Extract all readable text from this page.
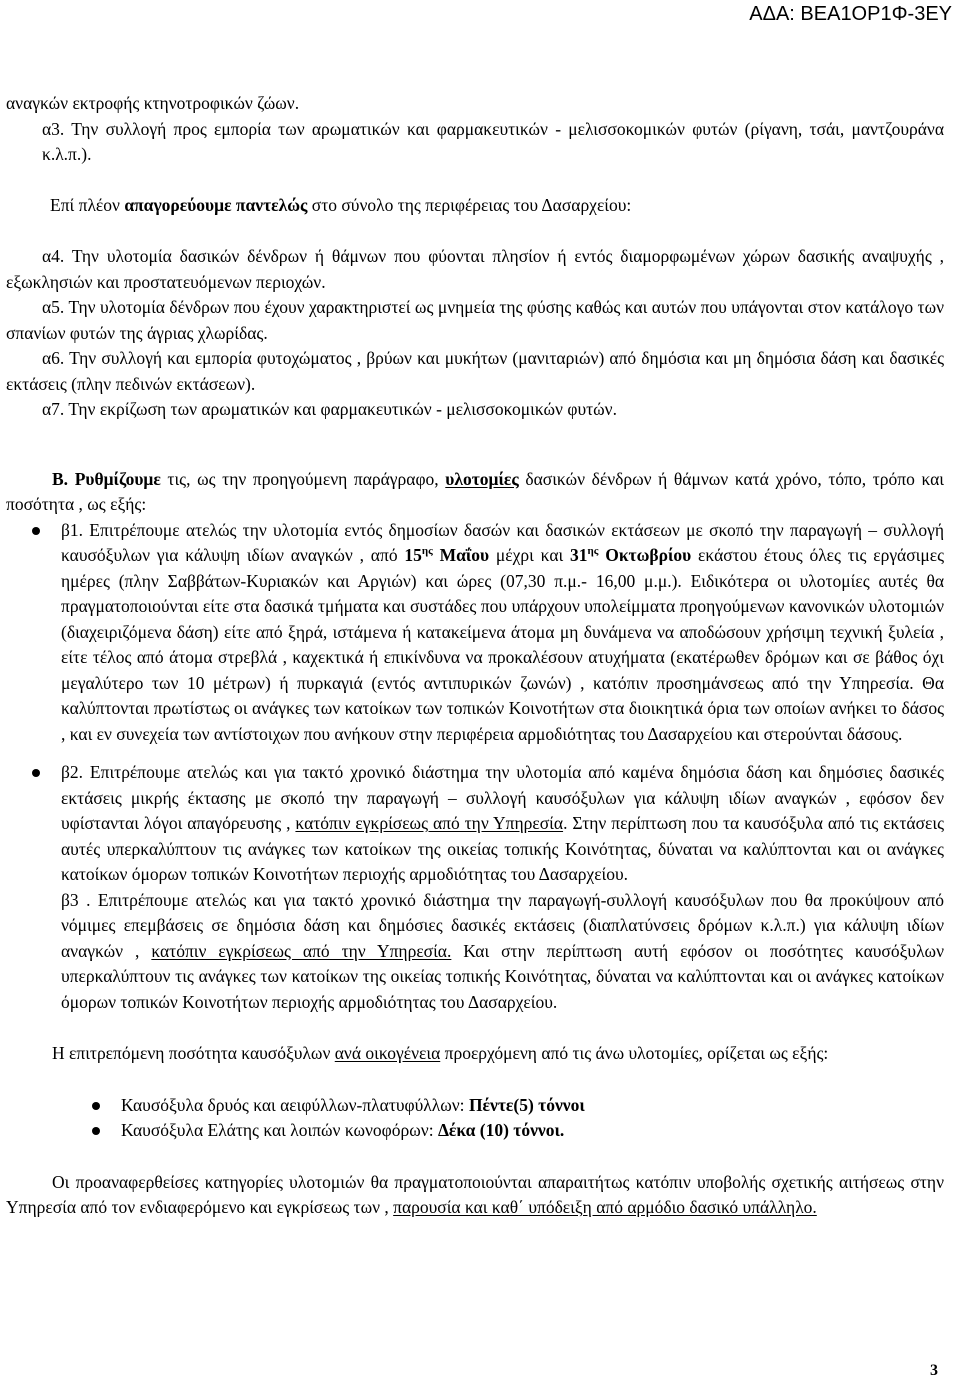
ΑΔΑ: ΒΕΑ1ΟΡ1Φ-3ΕΥ

αναγκών εκτροφής κτηνοτροφικών ζώων.

α3. Την συλλογή προς εμπορία των αρωματικών και φαρμακευτικών - μελισσοκομικών φυτών (ρίγανη, τσάι, μαντζουράνα κ.λ.π.).

Επί πλέον απαγορεύουμε παντελώς στο σύνολο της περιφέρειας του Δασαρχείου:

α4. Την υλοτομία δασικών δένδρων ή θάμνων που φύονται πλησίον ή εντός διαμορφωμένων χώρων δασικής αναψυχής , εξωκλησιών και προστατευόμενων περιοχών.

α5. Την υλοτομία δένδρων που έχουν χαρακτηριστεί ως μνημεία της φύσης καθώς και αυτών που υπάγονται στον κατάλογο των σπανίων φυτών της άγριας χλωρίδας.

α6. Την συλλογή και εμπορία φυτοχώματος , βρύων και μυκήτων (μανιταριών) από δημόσια και μη δημόσια δάση και δασικές εκτάσεις (πλην πεδινών εκτάσεων).

α7. Την εκρίζωση των αρωματικών και φαρμακευτικών - μελισσοκομικών φυτών.

Β. Ρυθμίζουμε τις, ως την προηγούμενη παράγραφο, υλοτομίες δασικών δένδρων ή θάμνων κατά χρόνο, τόπο, τρόπο και ποσότητα , ως εξής:

β1. Επιτρέπουμε ατελώς την υλοτομία εντός δημοσίων δασών και δασικών εκτάσεων με σκοπό την παραγωγή – συλλογή καυσόξυλων για κάλυψη ιδίων αναγκών , από $15^{\eta\varsigma}$ Μαΐου μέχρι και $31^{\eta\varsigma}$ Οκτωβρίου εκάστου έτους όλες τις εργάσιμες ημέρες (πλην Σαββάτων-Κυριακών και Αργιών) και ώρες (07,30 π.μ.- 16,00 μ.μ.). Ειδικότερα οι υλοτομίες αυτές θα πραγματοποιούνται είτε στα δασικά τμήματα και συστάδες που υπάρχουν υπολείμματα προηγούμενων κανονικών υλοτομιών (διαχειριζόμενα δάση) είτε από ξηρά, ιστάμενα ή κατακείμενα άτομα μη δυνάμενα να αποδώσουν χρήσιμη τεχνική ξυλεία , είτε τέλος από άτομα στρεβλά , καχεκτικά ή επικίνδυνα να προκαλέσουν ατυχήματα (εκατέρωθεν δρόμων και σε βάθος όχι μεγαλύτερο των 10 μέτρων) ή πυρκαγιά (εντός αντιπυρικών ζωνών) , κατόπιν προσημάνσεως από την Υπηρεσία. Θα καλύπτονται πρωτίστως οι ανάγκες των κατοίκων των τοπικών Κοινοτήτων στα διοικητικά όρια των οποίων ανήκει το δάσος , και εν συνεχεία των αντίστοιχων που ανήκουν στην περιφέρεια αρμοδιότητας του Δασαρχείου και στερούνται δάσους.
β2. Επιτρέπουμε ατελώς και για τακτό χρονικό διάστημα την υλοτομία από καμένα δημόσια δάση και δημόσιες δασικές εκτάσεις μικρής έκτασης με σκοπό την παραγωγή – συλλογή καυσόξυλων για κάλυψη ιδίων αναγκών , εφόσον δεν υφίστανται λόγοι απαγόρευσης , κατόπιν εγκρίσεως από την Υπηρεσία. Στην περίπτωση που τα καυσόξυλα από τις εκτάσεις αυτές υπερκαλύπτουν τις ανάγκες των κατοίκων της οικείας τοπικής Κοινότητας, δύναται να καλύπτονται και οι ανάγκες κατοίκων όμορων τοπικών Κοινοτήτων περιοχής αρμοδιότητας του Δασαρχείου.
β3 . Επιτρέπουμε ατελώς και για τακτό χρονικό διάστημα την παραγωγή-συλλογή καυσόξυλων που θα προκύψουν από νόμιμες επεμβάσεις σε δημόσια δάση και δημόσιες δασικές εκτάσεις (διαπλατύνσεις δρόμων κ.λ.π.) για κάλυψη ιδίων αναγκών , κατόπιν εγκρίσεως από την Υπηρεσία. Και στην περίπτωση αυτή εφόσον οι ποσότητες καυσόξυλων υπερκαλύπτουν τις ανάγκες των κατοίκων της οικείας τοπικής Κοινότητας, δύναται να καλύπτονται και οι ανάγκες κατοίκων όμορων τοπικών Κοινοτήτων περιοχής αρμοδιότητας του Δασαρχείου.

Η επιτρεπόμενη ποσότητα καυσόξυλων ανά οικογένεια προερχόμενη από τις άνω υλοτομίες, ορίζεται ως εξής:

Καυσόξυλα δρυός και αειφύλλων-πλατυφύλλων: Πέντε(5) τόννοι
Καυσόξυλα Ελάτης και λοιπών κωνοφόρων: Δέκα (10) τόννοι.

Οι προαναφερθείσες κατηγορίες υλοτομιών θα πραγματοποιούνται απαραιτήτως κατόπιν υποβολής σχετικής αιτήσεως στην Υπηρεσία από τον ενδιαφερόμενο και εγκρίσεως των , παρουσία και καθ΄ υπόδειξη από αρμόδιο δασικό υπάλληλο.

3
